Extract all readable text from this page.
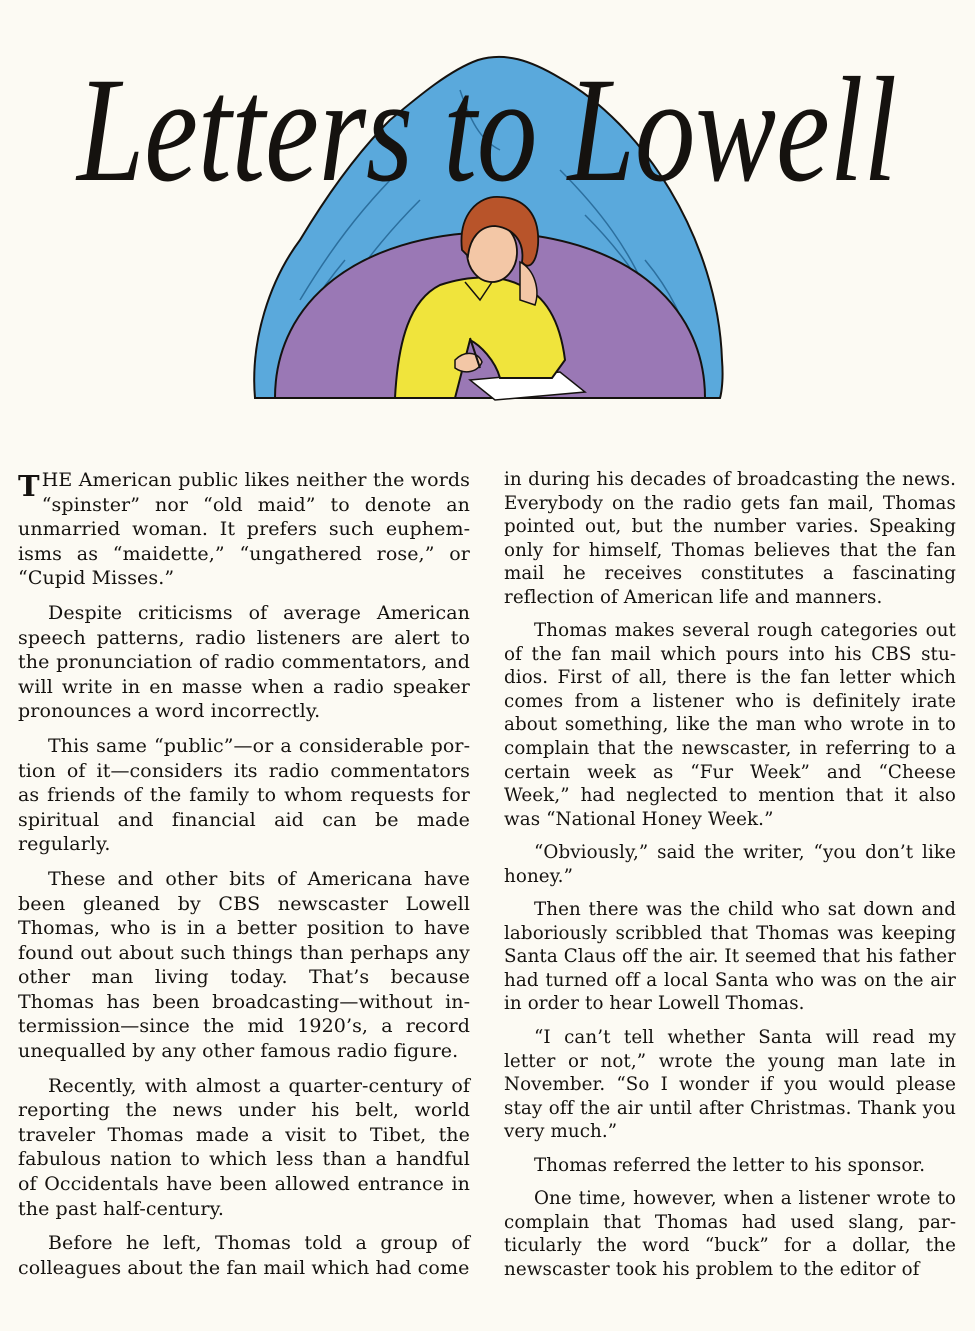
Letters to Lowell

THE American public likes neither the words “spinster” nor “old maid” to denote an unmarried woman. It prefers such euphemisms as “maidette,” “ungathered rose,” or “Cupid Misses.”

Despite criticisms of average American speech patterns, radio listeners are alert to the pronunciation of radio commentators, and will write in en masse when a radio speaker pronounces a word incorrectly.

This same “public”—or a considerable portion of it—considers its radio commentators as friends of the family to whom requests for spiritual and financial aid can be made regularly.

These and other bits of Americana have been gleaned by CBS newscaster Lowell Thomas, who is in a better position to have found out about such things than perhaps any other man living today. That’s because Thomas has been broadcasting—without intermission—since the mid 1920’s, a record unequalled by any other famous radio figure.

Recently, with almost a quarter-century of reporting the news under his belt, world traveler Thomas made a visit to Tibet, the fabulous nation to which less than a handful of Occidentals have been allowed entrance in the past half-century.

Before he left, Thomas told a group of colleagues about the fan mail which had come

in during his decades of broadcasting the news. Everybody on the radio gets fan mail, Thomas pointed out, but the number varies. Speaking only for himself, Thomas believes that the fan mail he receives constitutes a fascinating reflection of American life and manners.

Thomas makes several rough categories out of the fan mail which pours into his CBS studios. First of all, there is the fan letter which comes from a listener who is definitely irate about something, like the man who wrote in to complain that the newscaster, in referring to a certain week as “Fur Week” and “Cheese Week,” had neglected to mention that it also was “National Honey Week.”

“Obviously,” said the writer, “you don’t like honey.”

Then there was the child who sat down and laboriously scribbled that Thomas was keeping Santa Claus off the air. It seemed that his father had turned off a local Santa who was on the air in order to hear Lowell Thomas.

“I can’t tell whether Santa will read my letter or not,” wrote the young man late in November. “So I wonder if you would please stay off the air until after Christmas. Thank you very much.”

Thomas referred the letter to his sponsor.

One time, however, when a listener wrote to complain that Thomas had used slang, particularly the word “buck” for a dollar, the newscaster took his problem to the editor of
